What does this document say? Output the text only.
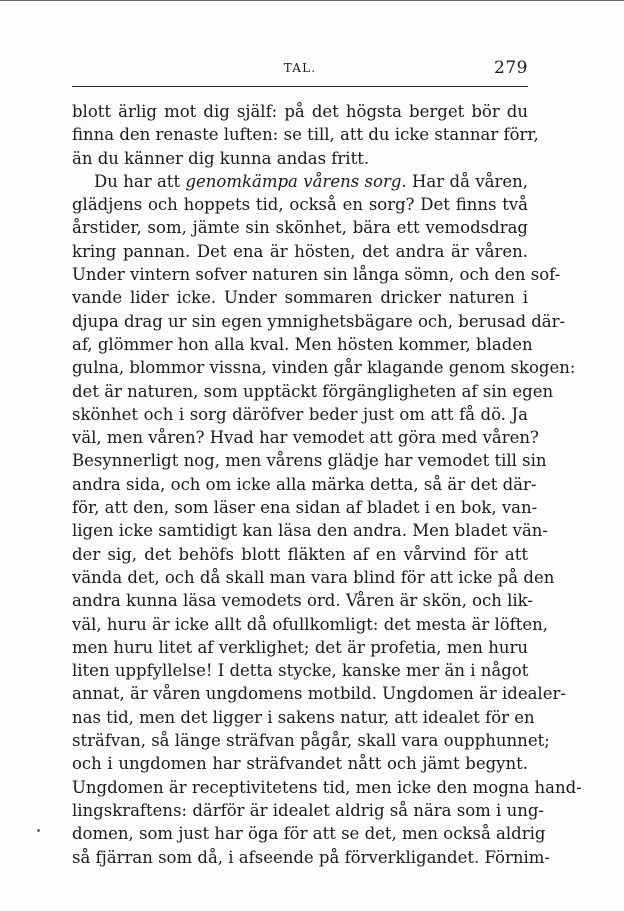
TAL.	279
blott ärlig mot dig själf: på det högsta berget bör du
finna den renaste luften: se till, att du icke stannar förr,
än du känner dig kunna andas fritt.
Du har att genomkämpa vårens sorg. Har då våren,
glädjens och hoppets tid, också en sorg? Det finns två
årstider, som, jämte sin skönhet, bära ett vemodsdrag
kring pannan. Det ena är hösten, det andra är våren.
Under vintern sofver naturen sin långa sömn, och den sof-
vande lider icke. Under sommaren dricker naturen i
djupa drag ur sin egen ymnighetsbägare och, berusad där-
af, glömmer hon alla kval. Men hösten kommer, bladen
gulna, blommor vissna, vinden går klagande genom skogen:
det är naturen, som upptäckt förgängligheten af sin egen
skönhet och i sorg däröfver beder just om att få dö. Ja
väl, men våren? Hvad har vemodet att göra med våren?
Besynnerligt nog, men vårens glädje har vemodet till sin
andra sida, och om icke alla märka detta, så är det där-
för, att den, som läser ena sidan af bladet i en bok, van-
ligen icke samtidigt kan läsa den andra. Men bladet vän-
der sig, det behöfs blott fläkten af en vårvind för att
vända det, och då skall man vara blind för att icke på den
andra kunna läsa vemodets ord. Våren är skön, och lik-
väl, huru är icke allt då ofullkomligt: det mesta är löften,
men huru litet af verklighet; det är profetia, men huru
liten uppfyllelse! I detta stycke, kanske mer än i något
annat, är våren ungdomens motbild. Ungdomen är idealer-
nas tid, men det ligger i sakens natur, att idealet för en
sträfvan, så länge sträfvan pågår, skall vara oupphunnet;
och i ungdomen har sträfvandet nått och jämt begynt.
Ungdomen är receptivitetens tid, men icke den mogna hand-
lingskraftens: därför är idealet aldrig så nära som i ung-
domen, som just har öga för att se det, men också aldrig
så fjärran som då, i afseende på förverkligandet. Förnim-
